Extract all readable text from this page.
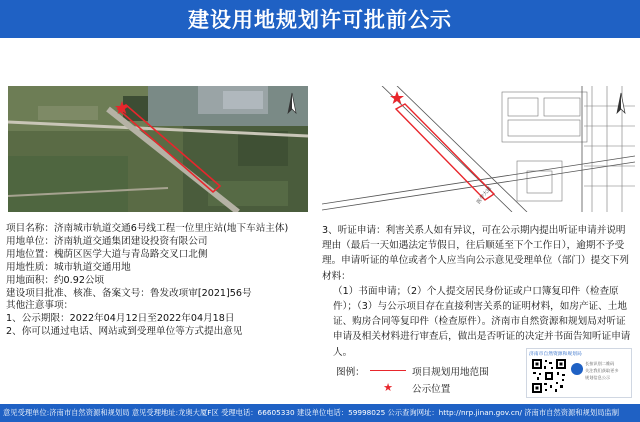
建设用地规划许可批前公示
医学大道
项目名称：济南城市轨道交通6号线工程一位里庄站(地下车站主体)
用地单位：济南轨道交通集团建设投资有限公司
用地位置：槐荫区医学大道与青岛路交叉口北侧
用地性质：城市轨道交通用地
用地面积：约0.92公顷
建设项目批准、核准、备案文号：鲁发改项审[2021]56号
其他注意事项：
1、公示期限：2022年04月12日至2022年04月18日
2、你可以通过电话、网站或到受理单位等方式提出意见

3、听证申请：利害关系人如有异议，可在公示期内提出听证申请并说明理由（最后一天如遇法定节假日，往后顺延至下个工作日），逾期不予受理。申请听证的单位或者个人应当向公示意见受理单位（部门）提交下列材料：

（1）书面申请；（2）个人提交居民身份证或户口簿复印件（检查原件）；（3）与公示项目存在直接利害关系的证明材料，如房产证、土地证、购房合同等复印件（检查原件）。济南市自然资源和规划局对听证申请及相关材料进行审查后，做出是否听证的决定并书面告知听证申请人。

图例：	项目规划用地范围
★	公示位置
济南市自然资源和规划局
长按识别二维码
关注我们获取更多
规划信息公示
意见受理单位:济南市自然资源和规划局 意见受理地址:龙奥大厦F区 受理电话：66605330 建设单位电话：59998025 公示查询网址：http://nrp.jinan.gov.cn/ 济南市自然资源和规划局监制
